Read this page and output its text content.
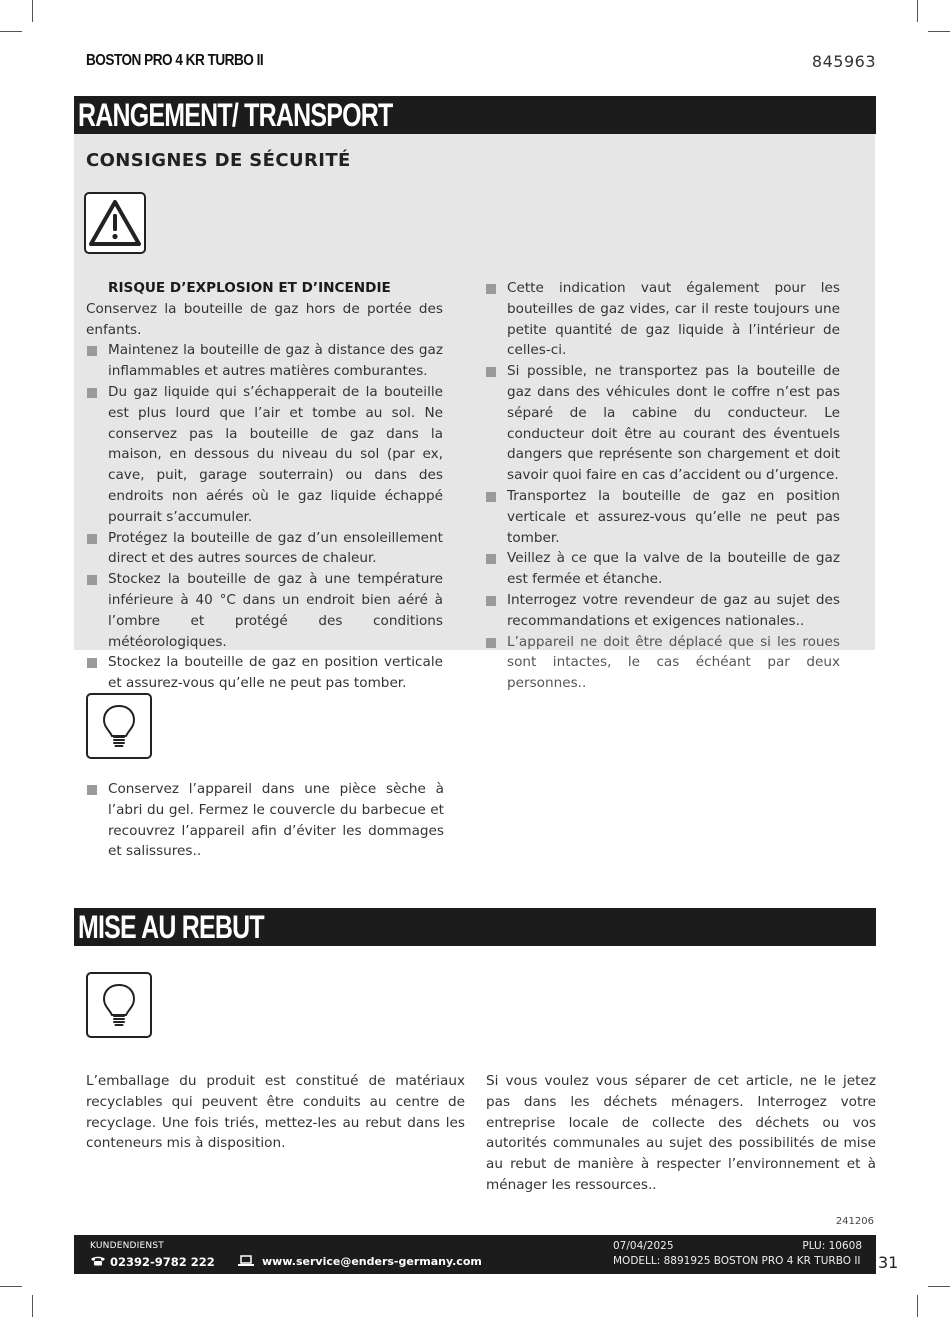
BOSTON PRO 4 KR TURBO II	845963
RANGEMENT/ TRANSPORT
CONSIGNES DE SÉCURITÉ
RISQUE D’EXPLOSION ET D’INCENDIE
Conservez la bouteille de gaz hors de portée des enfants.
Maintenez la bouteille de gaz à distance des gaz inflammables et autres matières comburantes.
Du gaz liquide qui s’échapperait de la bouteille est plus lourd que l’air et tombe au sol. Ne conservez pas la bouteille de gaz dans la maison, en dessous du niveau du sol (par ex, cave, puit, garage souterrain) ou dans des endroits non aérés où le gaz liquide échappé pourrait s’accumuler.
Protégez la bouteille de gaz d’un ensoleillement direct et des autres sources de chaleur.
Stockez la bouteille de gaz à une température inférieure à 40 °C dans un endroit bien aéré à l’ombre et protégé des conditions météorologiques.
Stockez la bouteille de gaz en position verticale et assurez-vous qu’elle ne peut pas tomber.
Cette indication vaut également pour les bouteilles de gaz vides, car il reste toujours une petite quantité de gaz liquide à l’intérieur de celles-ci.
Si possible, ne transportez pas la bouteille de gaz dans des véhicules dont le coffre n’est pas séparé de la cabine du conducteur. Le conducteur doit être au courant des éventuels dangers que représente son chargement et doit savoir quoi faire en cas d’accident ou d’urgence.
Transportez la bouteille de gaz en position verticale et assurez-vous qu’elle ne peut pas tomber.
Veillez à ce que la valve de la bouteille de gaz est fermée et étanche.
Interrogez votre revendeur de gaz au sujet des recommandations et exigences nationales..
L’appareil ne doit être déplacé que si les roues sont intactes, le cas échéant par deux personnes..
Conservez l’appareil dans une pièce sèche à l’abri du gel. Fermez le couvercle du barbecue et recouvrez l’appareil afin d’éviter les dommages et salissures..
MISE AU REBUT
L’emballage du produit est constitué de matériaux recyclables qui peuvent être conduits au centre de recyclage. Une fois triés, mettez-les au rebut dans les conteneurs mis à disposition.
Si vous voulez vous séparer de cet article, ne le jetez pas dans les déchets ménagers. Interrogez votre entreprise locale de collecte des déchets ou vos autorités communales au sujet des possibilités de mise au rebut de manière à respecter l’environnement et à ménager les ressources..
241206
KUNDENDIENST
02392-9782 222	www.service@enders-germany.com
07/04/2025	PLU: 10608
MODELL: 8891925 BOSTON PRO 4 KR TURBO II 31
